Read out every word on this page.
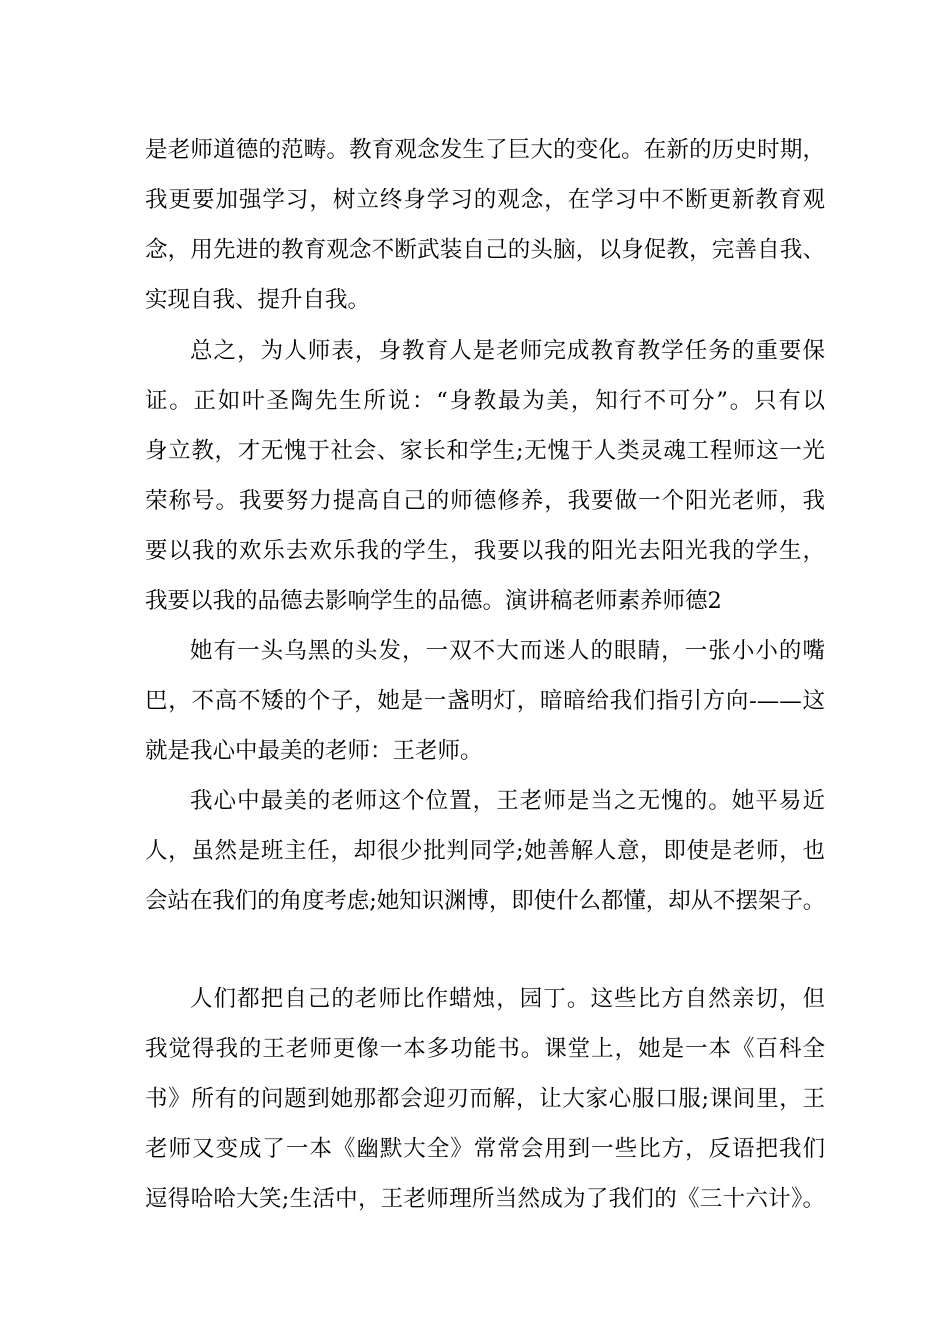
是老师道德的范畴。教育观念发生了巨大的变化。在新的历史时期，
我更要加强学习，树立终身学习的观念，在学习中不断更新教育观
念，用先进的教育观念不断武装自己的头脑，以身促教，完善自我、
实现自我、提升自我。
总之，为人师表，身教育人是老师完成教育教学任务的重要保
证。正如叶圣陶先生所说：“身教最为美，知行不可分”。只有以
身立教，才无愧于社会、家长和学生;无愧于人类灵魂工程师这一光
荣称号。我要努力提高自己的师德修养，我要做一个阳光老师，我
要以我的欢乐去欢乐我的学生，我要以我的阳光去阳光我的学生，
我要以我的品德去影响学生的品德。演讲稿老师素养师德2
她有一头乌黑的头发，一双不大而迷人的眼睛，一张小小的嘴
巴，不高不矮的个子，她是一盏明灯，暗暗给我们指引方向-——这
就是我心中最美的老师：王老师。
我心中最美的老师这个位置，王老师是当之无愧的。她平易近
人，虽然是班主任，却很少批判同学;她善解人意，即使是老师，也
会站在我们的角度考虑;她知识渊博，即使什么都懂，却从不摆架子。
人们都把自己的老师比作蜡烛，园丁。这些比方自然亲切，但
我觉得我的王老师更像一本多功能书。课堂上，她是一本《百科全
书》所有的问题到她那都会迎刃而解，让大家心服口服;课间里，王
老师又变成了一本《幽默大全》常常会用到一些比方，反语把我们
逗得哈哈大笑;生活中，王老师理所当然成为了我们的《三十六计》。
